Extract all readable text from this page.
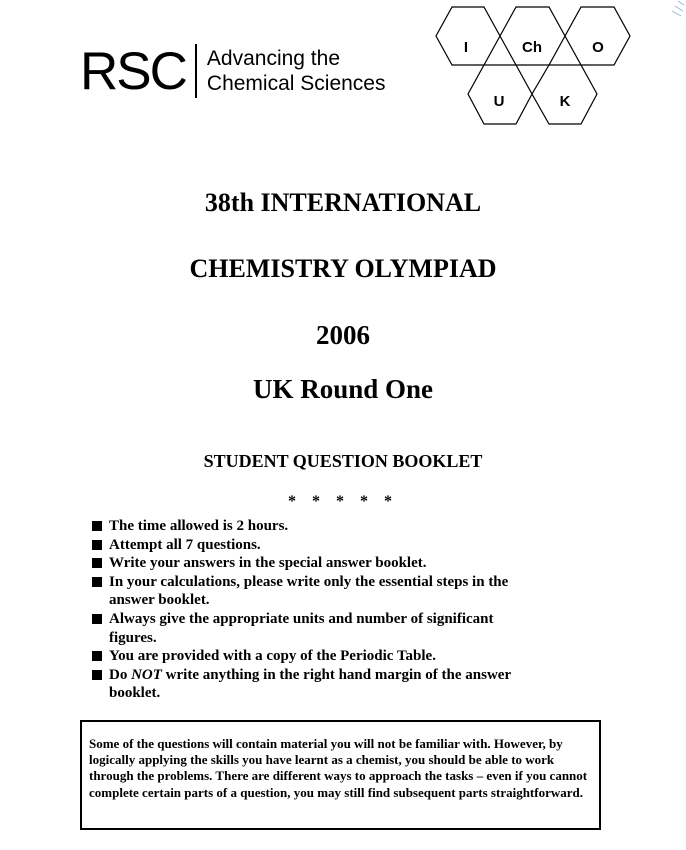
RSC Advancing the
Chemical Sciences
I	Ch	O
U	K
38th INTERNATIONAL
CHEMISTRY OLYMPIAD
2006
UK Round One
STUDENT QUESTION BOOKLET
* * * * *
The time allowed is 2 hours.
Attempt all 7 questions.
Write your answers in the special answer booklet.
In your calculations, please write only the essential steps in the answer booklet.
Always give the appropriate units and number of significant figures.
You are provided with a copy of the Periodic Table.
Do NOT write anything in the right hand margin of the answer booklet.

Some of the questions will contain material you will not be familiar with. However, by logically applying the skills you have learnt as a chemist, you should be able to work through the problems. There are different ways to approach the tasks – even if you cannot complete certain parts of a question, you may still find subsequent parts straightforward.
